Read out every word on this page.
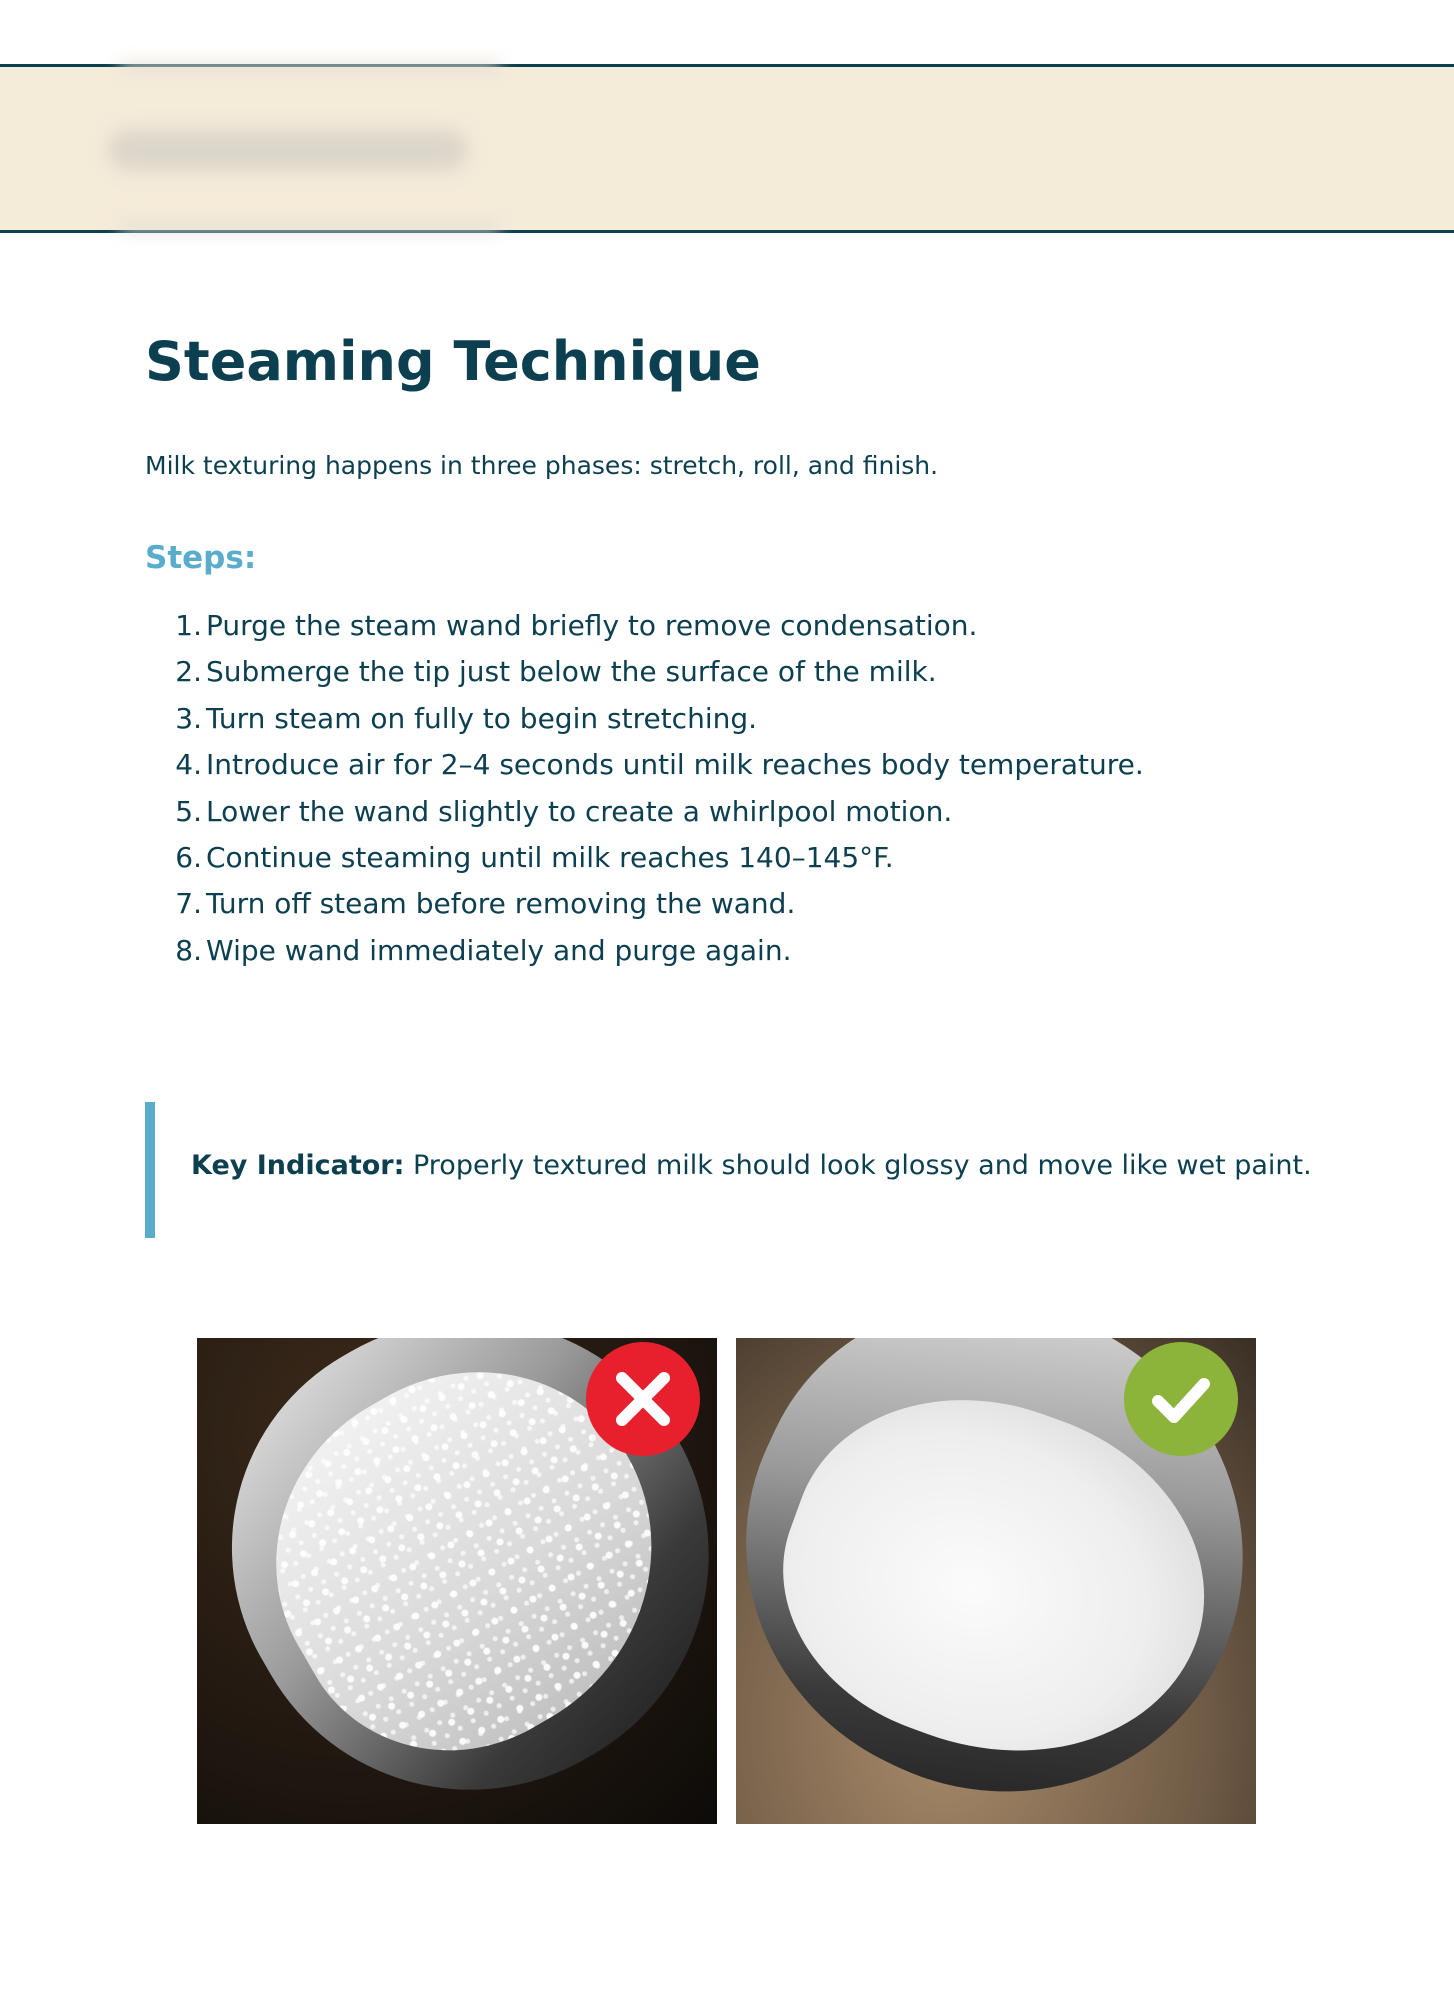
Steaming Technique

Milk texturing happens in three phases: stretch, roll, and finish.

Steps:
1. Purge the steam wand briefly to remove condensation.
2. Submerge the tip just below the surface of the milk.
3. Turn steam on fully to begin stretching.
4. Introduce air for 2–4 seconds until milk reaches body temperature.
5. Lower the wand slightly to create a whirlpool motion.
6. Continue steaming until milk reaches 140–145°F.
7. Turn off steam before removing the wand.
8. Wipe wand immediately and purge again.

Key Indicator: Properly textured milk should look glossy and move like wet paint.
